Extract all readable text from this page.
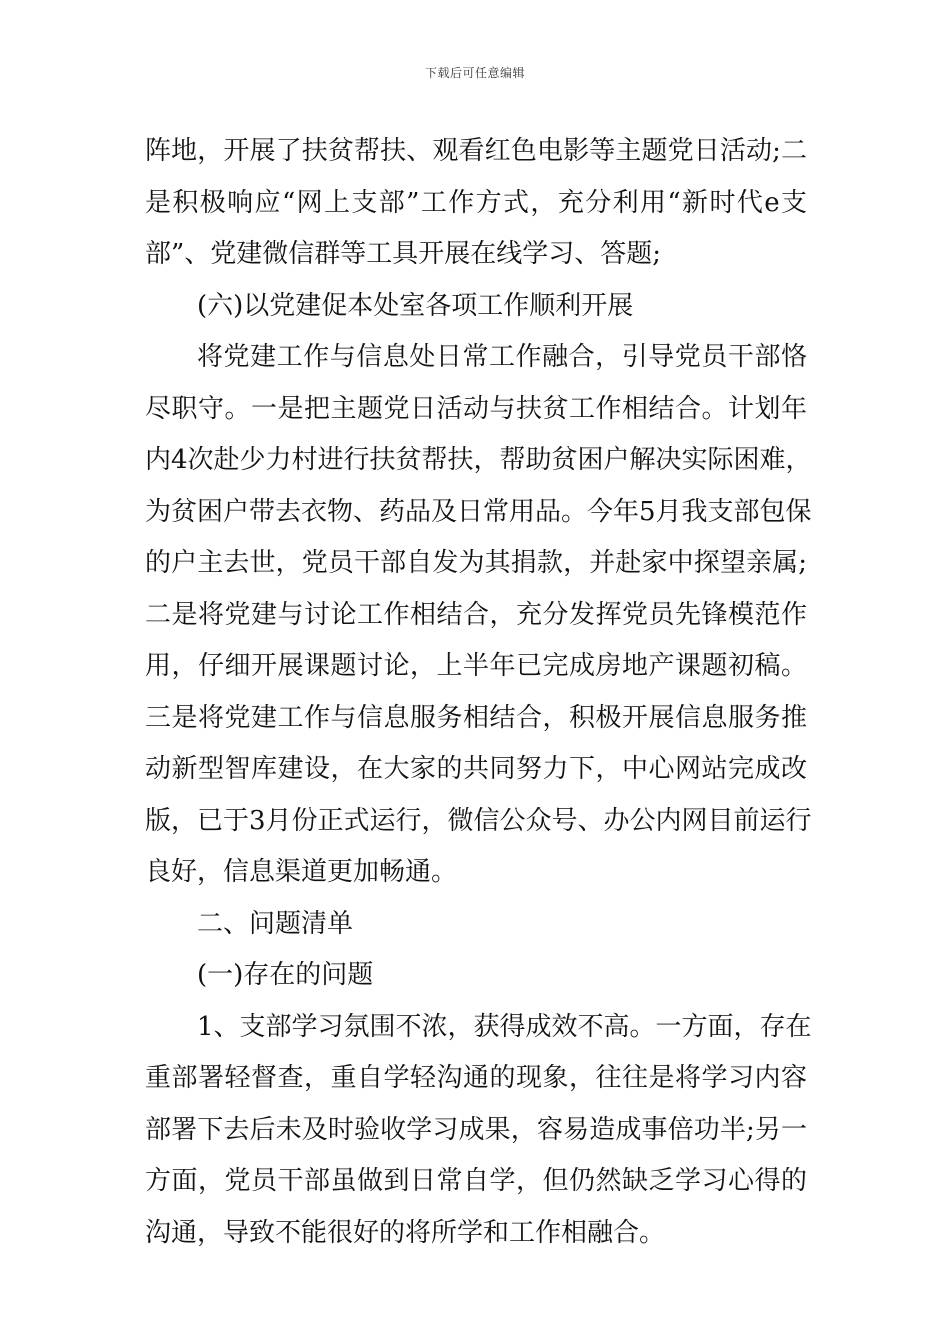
下载后可任意编辑
阵地，开展了扶贫帮扶、观看红色电影等主题党日活动;二
是积极响应“网上支部”工作方式，充分利用“新时代e支
部”、党建微信群等工具开展在线学习、答题;
(六)以党建促本处室各项工作顺利开展
将党建工作与信息处日常工作融合，引导党员干部恪
尽职守。一是把主题党日活动与扶贫工作相结合。计划年
内4次赴少力村进行扶贫帮扶，帮助贫困户解决实际困难，
为贫困户带去衣物、药品及日常用品。今年5月我支部包保
的户主去世，党员干部自发为其捐款，并赴家中探望亲属;
二是将党建与讨论工作相结合，充分发挥党员先锋模范作
用，仔细开展课题讨论，上半年已完成房地产课题初稿。
三是将党建工作与信息服务相结合，积极开展信息服务推
动新型智库建设，在大家的共同努力下，中心网站完成改
版，已于3月份正式运行，微信公众号、办公内网目前运行
良好，信息渠道更加畅通。
二、问题清单
(一)存在的问题
1、支部学习氛围不浓，获得成效不高。一方面，存在
重部署轻督查，重自学轻沟通的现象，往往是将学习内容
部署下去后未及时验收学习成果，容易造成事倍功半;另一
方面，党员干部虽做到日常自学，但仍然缺乏学习心得的
沟通，导致不能很好的将所学和工作相融合。
